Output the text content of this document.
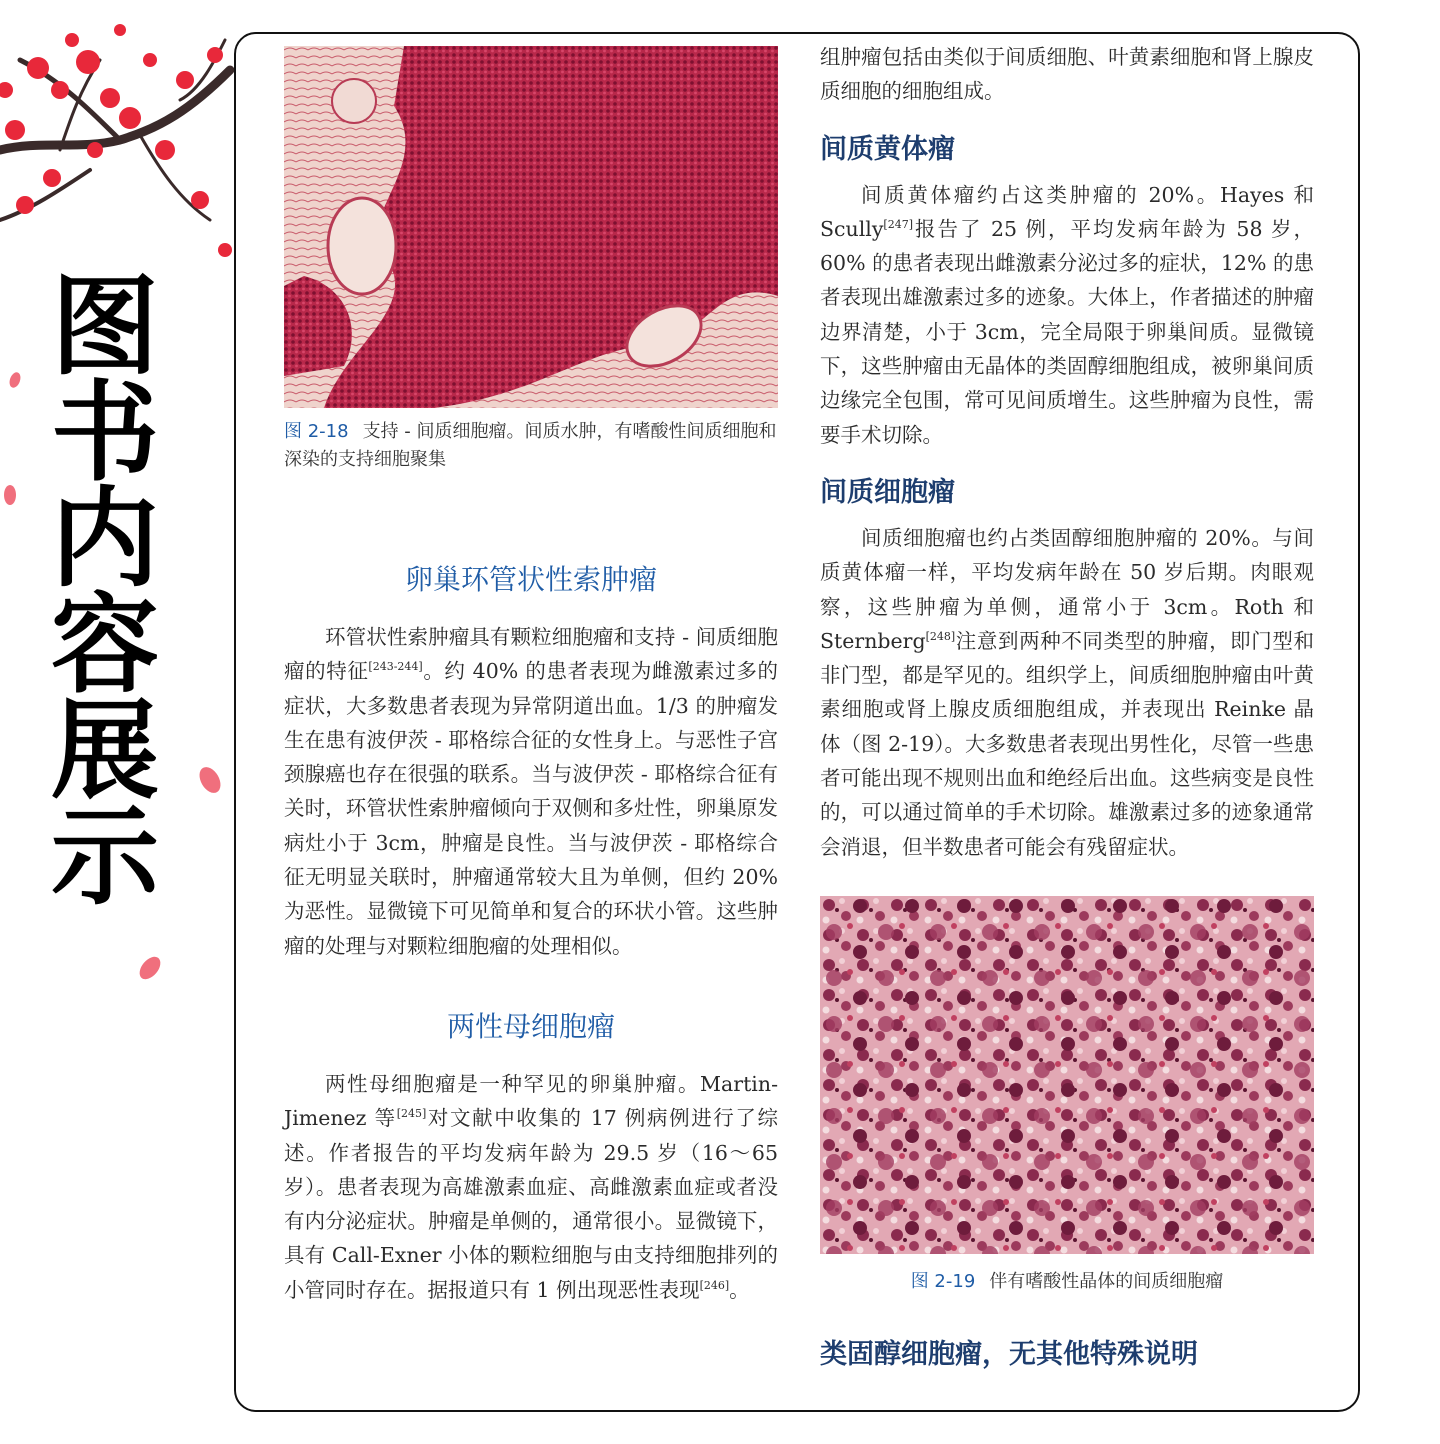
图
书
内
容
展
示
图 2-18 支持 - 间质细胞瘤。间质水肿，有嗜酸性间质细胞和深染的支持细胞聚集
卵巢环管状性索肿瘤

环管状性索肿瘤具有颗粒细胞瘤和支持 - 间质细胞瘤的特征[243-244]。约 40% 的患者表现为雌激素过多的症状，大多数患者表现为异常阴道出血。1/3 的肿瘤发生在患有波伊茨 - 耶格综合征的女性身上。与恶性子宫颈腺癌也存在很强的联系。当与波伊茨 - 耶格综合征有关时，环管状性索肿瘤倾向于双侧和多灶性，卵巢原发病灶小于 3cm，肿瘤是良性。当与波伊茨 - 耶格综合征无明显关联时，肿瘤通常较大且为单侧，但约 20% 为恶性。显微镜下可见简单和复合的环状小管。这些肿瘤的处理与对颗粒细胞瘤的处理相似。

两性母细胞瘤

两性母细胞瘤是一种罕见的卵巢肿瘤。Martin-Jimenez 等[245]对文献中收集的 17 例病例进行了综述。作者报告的平均发病年龄为 29.5 岁（16～65 岁）。患者表现为高雄激素血症、高雌激素血症或者没有内分泌症状。肿瘤是单侧的，通常很小。显微镜下，具有 Call-Exner 小体的颗粒细胞与由支持细胞排列的小管同时存在。据报道只有 1 例出现恶性表现[246]。

组肿瘤包括由类似于间质细胞、叶黄素细胞和肾上腺皮质细胞的细胞组成。

间质黄体瘤

间质黄体瘤约占这类肿瘤的 20%。Hayes 和 Scully[247]报告了 25 例，平均发病年龄为 58 岁，60% 的患者表现出雌激素分泌过多的症状，12% 的患者表现出雄激素过多的迹象。大体上，作者描述的肿瘤边界清楚，小于 3cm，完全局限于卵巢间质。显微镜下，这些肿瘤由无晶体的类固醇细胞组成，被卵巢间质边缘完全包围，常可见间质增生。这些肿瘤为良性，需要手术切除。

间质细胞瘤

间质细胞瘤也约占类固醇细胞肿瘤的 20%。与间质黄体瘤一样，平均发病年龄在 50 岁后期。肉眼观察，这些肿瘤为单侧，通常小于 3cm。Roth 和 Sternberg[248]注意到两种不同类型的肿瘤，即门型和非门型，都是罕见的。组织学上，间质细胞肿瘤由叶黄素细胞或肾上腺皮质细胞组成，并表现出 Reinke 晶体（图 2-19）。大多数患者表现出男性化，尽管一些患者可能出现不规则出血和绝经后出血。这些病变是良性的，可以通过简单的手术切除。雄激素过多的迹象通常会消退，但半数患者可能会有残留症状。

图 2-19 伴有嗜酸性晶体的间质细胞瘤
类固醇细胞瘤，无其他特殊说明
